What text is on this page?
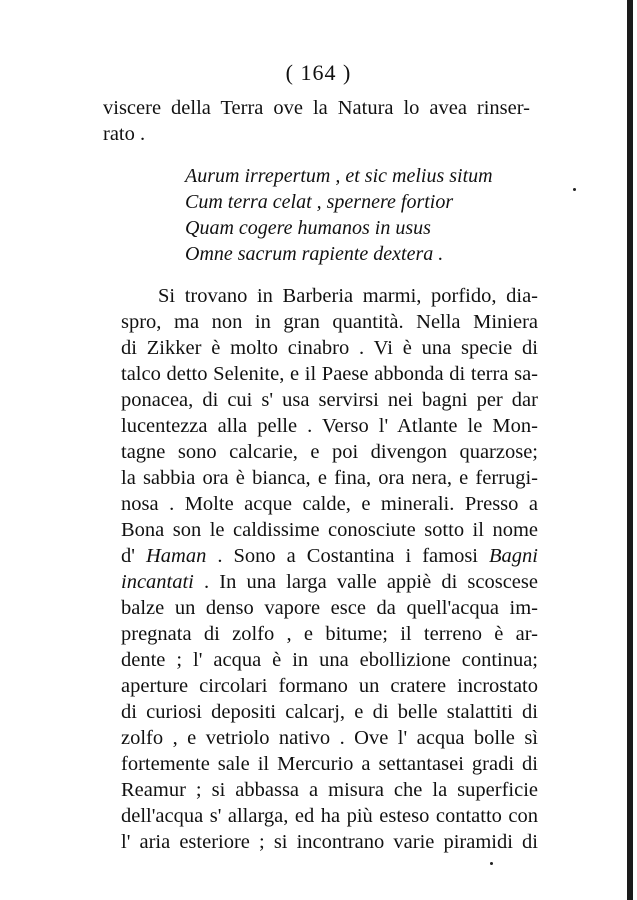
( 164 )
viscere della Terra ove la Natura lo avea rinser-
rato .
Aurum irrepertum , et sic melius situm
Cum terra celat , spernere fortior
Quam cogere humanos in usus
Omne sacrum rapiente dextera .
Si trovano in Barberia marmi, porfido, dia-
spro, ma non in gran quantità. Nella Miniera
di Zikker è molto cinabro . Vi è una specie di
talco detto Selenite, e il Paese abbonda di terra sa-
ponacea, di cui s' usa servirsi nei bagni per dar
lucentezza alla pelle . Verso l' Atlante le Mon-
tagne sono calcarie, e poi divengon quarzose;
la sabbia ora è bianca, e fina, ora nera, e ferrugi-
nosa . Molte acque calde, e minerali. Presso a
Bona son le caldissime conosciute sotto il nome
d' Haman . Sono a Costantina i famosi Bagni
incantati . In una larga valle appiè di scoscese
balze un denso vapore esce da quell'acqua im-
pregnata di zolfo , e bitume; il terreno è ar-
dente ; l' acqua è in una ebollizione continua;
aperture circolari formano un cratere incrostato
di curiosi depositi calcarj, e di belle stalattiti di
zolfo , e vetriolo nativo . Ove l' acqua bolle sì
fortemente sale il Mercurio a settantasei gradi di
Reamur ; si abbassa a misura che la superficie
dell'acqua s' allarga, ed ha più esteso contatto con
l' aria esteriore ; si incontrano varie piramidi di
